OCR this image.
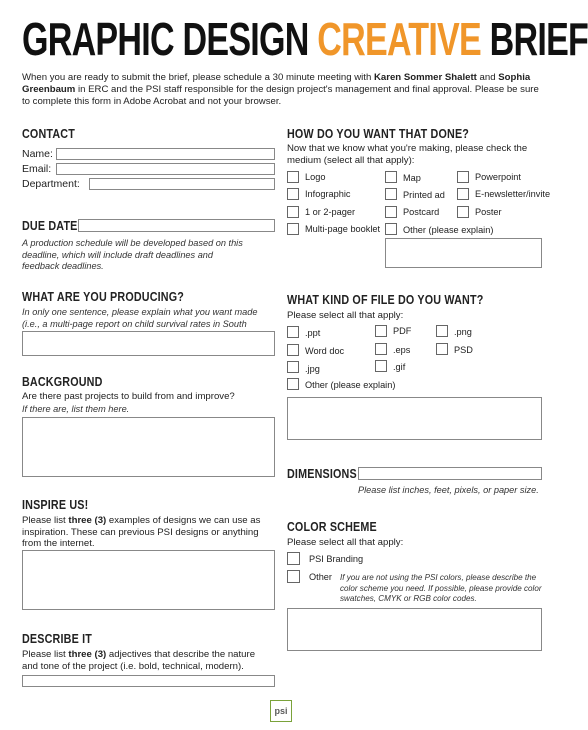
GRAPHIC DESIGN CREATIVE BRIEF
When you are ready to submit the brief, please schedule a 30 minute meeting with Karen Sommer Shalett and Sophia Greenbaum in ERC and the PSI staff responsible for the design project's management and final approval. Please be sure to complete this form in Adobe Acrobat and not your browser.
CONTACT
Name:
Email:
Department:
DUE DATE
A production schedule will be developed based on this deadline, which will include draft deadlines and feedback deadlines.
WHAT ARE YOU PRODUCING?
In only one sentence, please explain what you want made (i.e., a multi-page report on child survival rates in South
BACKGROUND
Are there past projects to build from and improve?
If there are, list them here.
INSPIRE US!
Please list three (3) examples of designs we can use as inspiration. These can previous PSI designs or anything from the internet.
DESCRIBE IT
Please list three (3) adjectives that describe the nature and tone of the project (i.e. bold, technical, modern).
HOW DO YOU WANT THAT DONE?
Now that we know what you're making, please check the medium (select all that apply):
Logo	Map	Powerpoint
Infographic	Printed ad	E-newsletter/invite
1 or 2-pager	Postcard	Poster
Multi-page booklet Other (please explain)
WHAT KIND OF FILE DO YOU WANT?
Please select all that apply:
.ppt	PDF	.png
Word doc	.eps	PSD
.jpg	.gif
Other (please explain)
DIMENSIONS
Please list inches, feet, pixels, or paper size.
COLOR SCHEME
Please select all that apply:
PSI Branding
Other If you are not using the PSI colors, please describe the color scheme you need. If possible, please provide color swatches, CMYK or RGB color codes.
psi
